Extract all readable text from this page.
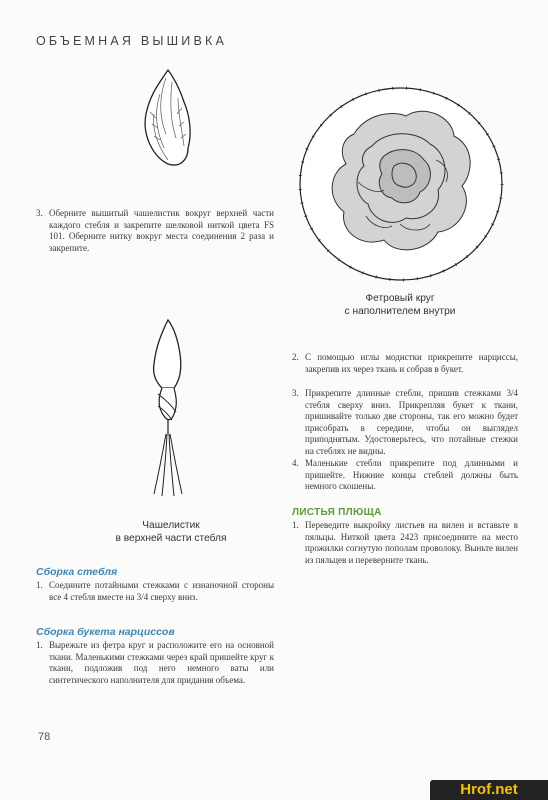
ОБЪЕМНАЯ ВЫШИВКА
Фетровый круг
с наполнителем внутри
3. Оберните вышитый чашелистик вокруг верхней части каждого стебля и закрепите шелковой ниткой цвета FS 101. Оберните нитку вокруг места соединения 2 раза и закрепите.
Чашелистик
в верхней части стебля
2. С помощью иглы модистки прикрепите нарциссы, закрепив их через ткань и собрав в букет.
3. Прикрепите длинные стебли, пришив стежками 3/4 стебля сверху вниз. Прикрепляя букет к ткани, пришивайте только две стороны, так его можно будет присобрать в середине, чтобы он выглядел приподнятым. Удостоверьтесь, что потайные стежки на стеблях не видны.
4. Маленькие стебли прикрепите под длинными и пришейте. Нижние концы стеблей должны быть немного скошены.
ЛИСТЬЯ ПЛЮЩА
1. Переведите выкройку листьев на вилен и вставьте в пяльцы. Ниткой цвета 2423 присоедините на место прожилки согнутую пополам проволоку. Выньте вилен из пяльцев и переверните ткань.
Сборка стебля
1. Соедините потайными стежками с изнаночной стороны все 4 стебля вместе на 3/4 сверху вниз.
Сборка букета нарциссов
1. Вырежьте из фетра круг и расположите его на основной ткани. Маленькими стежками через край пришейте круг к ткани, подложив под него немного ваты или синтетического наполнителя для придания объема.
78
Hrof.net
